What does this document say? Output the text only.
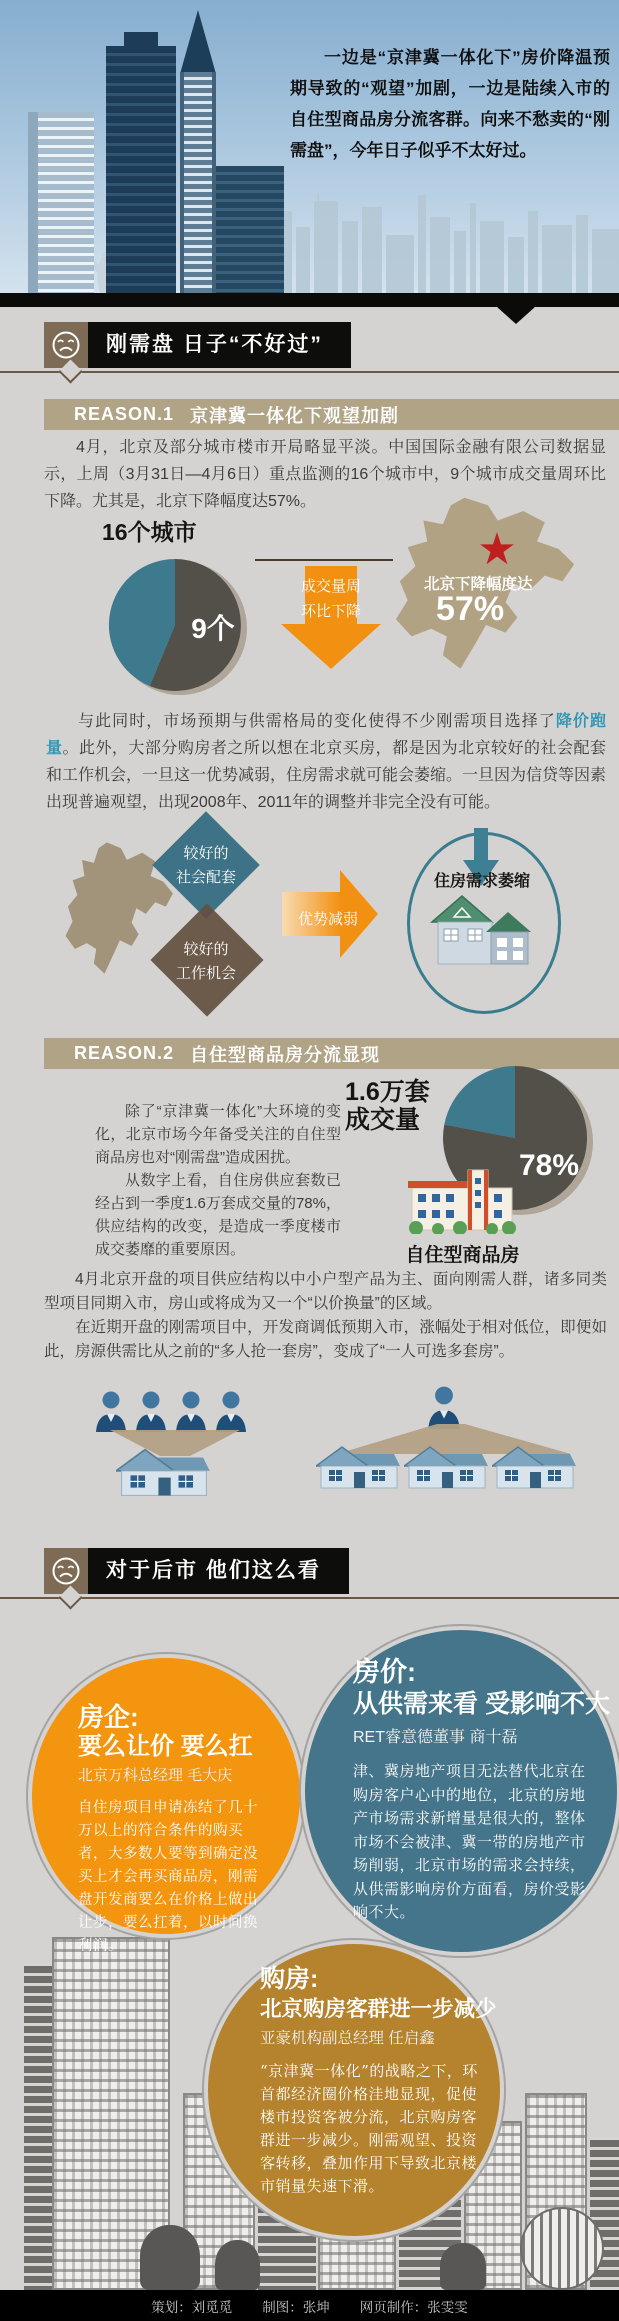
一边是“京津冀一体化下”房价降温预期导致的“观望”加剧，一边是陆续入市的自住型商品房分流客群。向来不愁卖的“刚需盘”，今年日子似乎不太好过。
刚需盘 日子“不好过”
REASON.1 京津冀一体化下观望加剧

4月，北京及部分城市楼市开局略显平淡。中国国际金融有限公司数据显示，上周（3月31日—4月6日）重点监测的16个城市中，9个城市成交量周环比下降。尤其是，北京下降幅度达57%。

16个城市
9个
成交量周
环比下降
★
北京下降幅度达
57%

与此同时，市场预期与供需格局的变化使得不少刚需项目选择了降价跑量。此外，大部分购房者之所以想在北京买房，都是因为北京较好的社会配套和工作机会，一旦这一优势减弱，住房需求就可能会萎缩。一旦因为信贷等因素出现普遍观望，出现2008年、2011年的调整并非完全没有可能。

较好的
社会配套
较好的
工作机会
优势减弱
住房需求萎缩
REASON.2 自住型商品房分流显现

除了“京津冀一体化”大环境的变化，北京市场今年备受关注的自住型商品房也对“刚需盘”造成困扰。

从数字上看，自住房供应套数已经占到一季度1.6万套成交量的78%，供应结构的改变，是造成一季度楼市成交萎靡的重要原因。

1.6万套
成交量
78%
自住型商品房

4月北京开盘的项目供应结构以中小户型产品为主、面向刚需人群，诸多同类型项目同期入市，房山或将成为又一个“以价换量”的区域。

在近期开盘的刚需项目中，开发商调低预期入市，涨幅处于相对低位，即便如此，房源供需比从之前的“多人抢一套房”，变成了“一人可选多套房”。

对于后市 他们这么看
房企:
要么让价 要么扛
北京万科总经理 毛大庆
自住房项目申请冻结了几十万以上的符合条件的购买者，大多数人要等到确定没买上才会再买商品房，刚需盘开发商要么在价格上做出让步，要么扛着，以时间换利润。
房价:
从供需来看 受影响不大
RET睿意德董事 商十磊
津、冀房地产项目无法替代北京在购房客户心中的地位，北京的房地产市场需求新增量是很大的，整体市场不会被津、冀一带的房地产市场削弱，北京市场的需求会持续，从供需影响房价方面看，房价受影响不大。
购房:
北京购房客群进一步减少
亚豪机构副总经理 任启鑫
“京津冀一体化”的战略之下，环首都经济圈价格洼地显现，促使楼市投资客被分流，北京购房客群进一步减少。刚需观望、投资客转移，叠加作用下导致北京楼市销量失速下滑。
策划：刘觅觅 制图：张坤 网页制作：张雯雯
